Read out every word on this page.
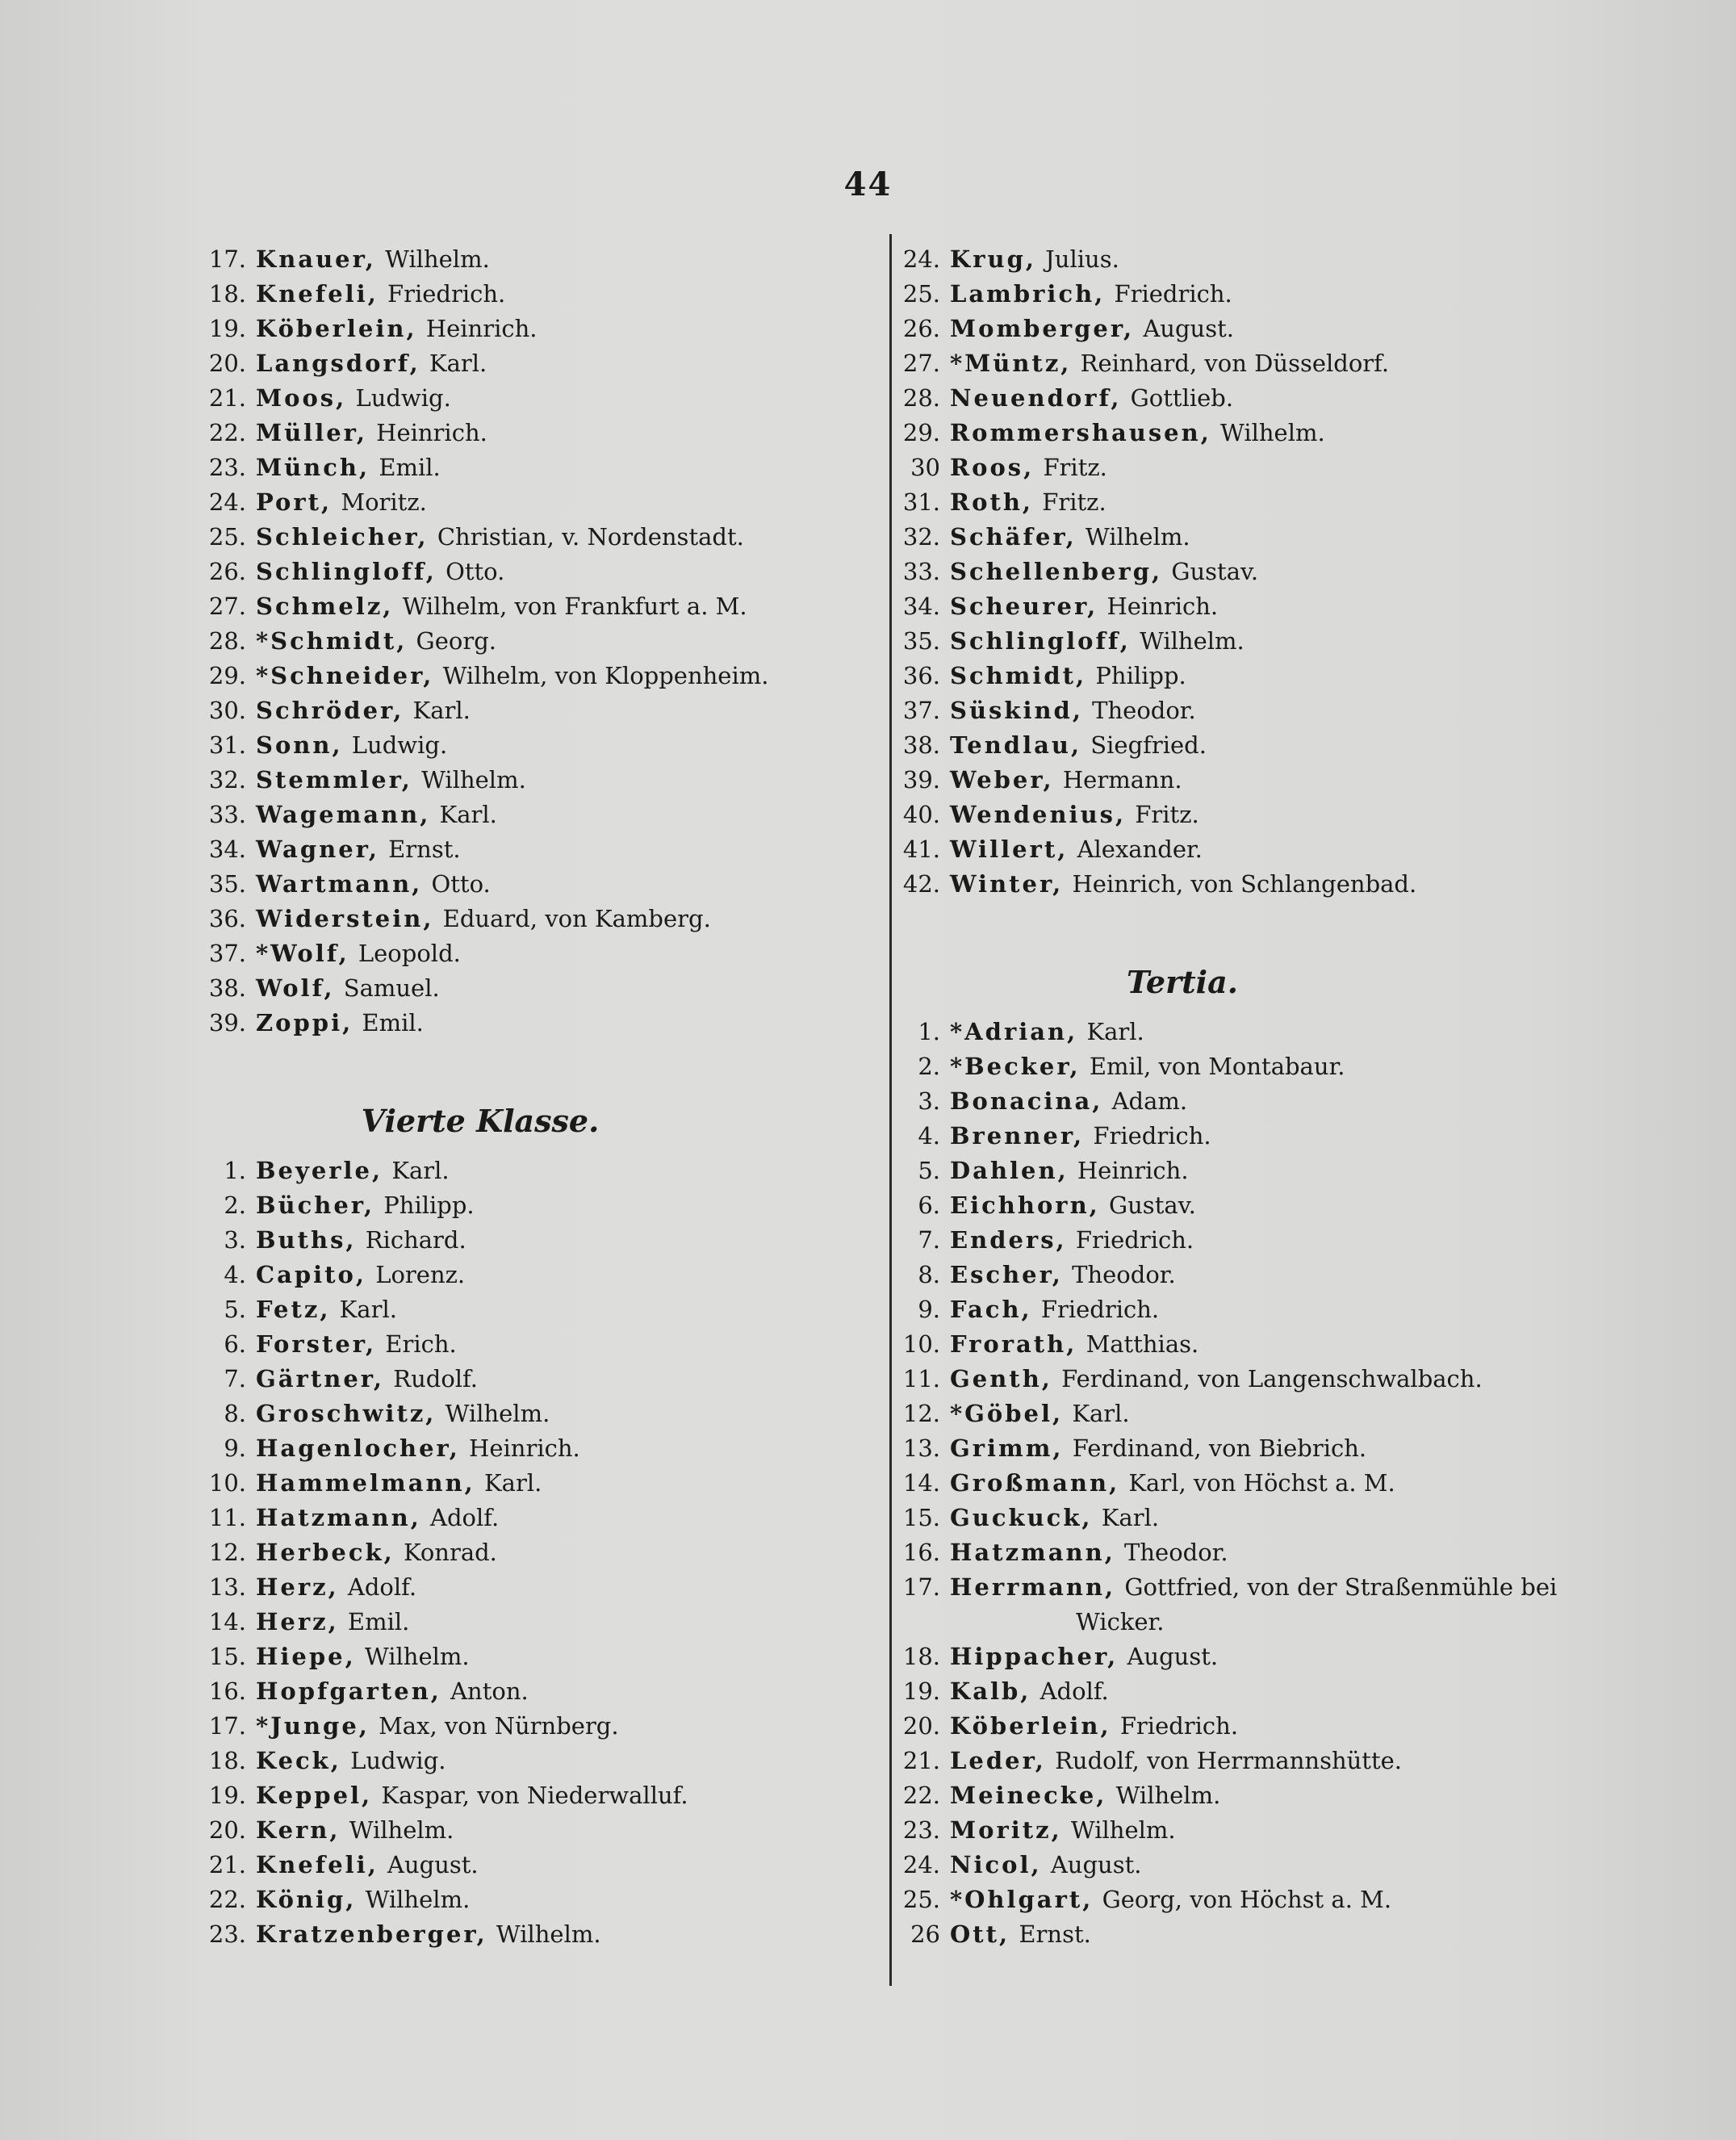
44
17. Knauer,
Wilhelm.
18. Knefeli,
Friedrich.
19. Köberlein,
Heinrich.
20. Langsdorf,
Karl.
21. Moos,
Ludwig.
22. Müller,
Heinrich.
23. Münch,
Emil.
24. Port,
Moritz.
25. Schleicher,
Christian, v. Nordenstadt.
26. Schlingloff,
Otto.
27. Schmelz,
Wilhelm, von Frankfurt a. M.
28. *Schmidt,
Georg.
29. *Schneider,
Wilhelm, von Kloppenheim.
30. Schröder,
Karl.
31. Sonn,
Ludwig.
32. Stemmler,
Wilhelm.
33. Wagemann,
Karl.
34. Wagner,
Ernst.
35. Wartmann,
Otto.
36. Widerstein,
Eduard, von Kamberg.
37. *Wolf,
Leopold.
38. Wolf,
Samuel.
39. Zoppi,
Emil.
Vierte Klasse.
1. Beyerle,
Karl.
2. Bücher,
Philipp.
3. Buths,
Richard.
4. Capito,
Lorenz.
5. Fetz,
Karl.
6. Forster,
Erich.
7. Gärtner,
Rudolf.
8. Groschwitz,
Wilhelm.
9. Hagenlocher,
Heinrich.
10. Hammelmann,
Karl.
11. Hatzmann,
Adolf.
12. Herbeck,
Konrad.
13. Herz,
Adolf.
14. Herz,
Emil.
15. Hiepe,
Wilhelm.
16. Hopfgarten,
Anton.
17. *Junge,
Max, von Nürnberg.
18. Keck,
Ludwig.
19. Keppel,
Kaspar, von Niederwalluf.
20. Kern,
Wilhelm.
21. Knefeli,
August.
22. König,
Wilhelm.
23. Kratzenberger,
Wilhelm.
24. Krug,
Julius.
25. Lambrich,
Friedrich.
26. Momberger,
August.
27. *Müntz,
Reinhard, von Düsseldorf.
28. Neuendorf,
Gottlieb.
29. Rommershausen,
Wilhelm.
30 Roos,
Fritz.
31. Roth,
Fritz.
32. Schäfer,
Wilhelm.
33. Schellenberg,
Gustav.
34. Scheurer,
Heinrich.
35. Schlingloff,
Wilhelm.
36. Schmidt,
Philipp.
37. Süskind,
Theodor.
38. Tendlau,
Siegfried.
39. Weber,
Hermann.
40. Wendenius,
Fritz.
41. Willert,
Alexander.
42. Winter,
Heinrich, von Schlangenbad.
Tertia.
1. *Adrian,
Karl.
2. *Becker,
Emil, von Montabaur.
3. Bonacina,
Adam.
4. Brenner,
Friedrich.
5. Dahlen,
Heinrich.
6. Eichhorn,
Gustav.
7. Enders,
Friedrich.
8. Escher,
Theodor.
9. Fach,
Friedrich.
10. Frorath,
Matthias.
11. Genth,
Ferdinand, von Langenschwalbach.
12. *Göbel,
Karl.
13. Grimm,
Ferdinand, von Biebrich.
14. Großmann,
Karl, von Höchst a. M.
15. Guckuck,
Karl.
16. Hatzmann,
Theodor.
17. Herrmann,
Gottfried, von der Straßenmühle bei
Wicker.
18. Hippacher,
August.
19. Kalb,
Adolf.
20. Köberlein,
Friedrich.
21. Leder,
Rudolf, von Herrmannshütte.
22. Meinecke,
Wilhelm.
23. Moritz,
Wilhelm.
24. Nicol,
August.
25. *Ohlgart,
Georg, von Höchst a. M.
26 Ott,
Ernst.
